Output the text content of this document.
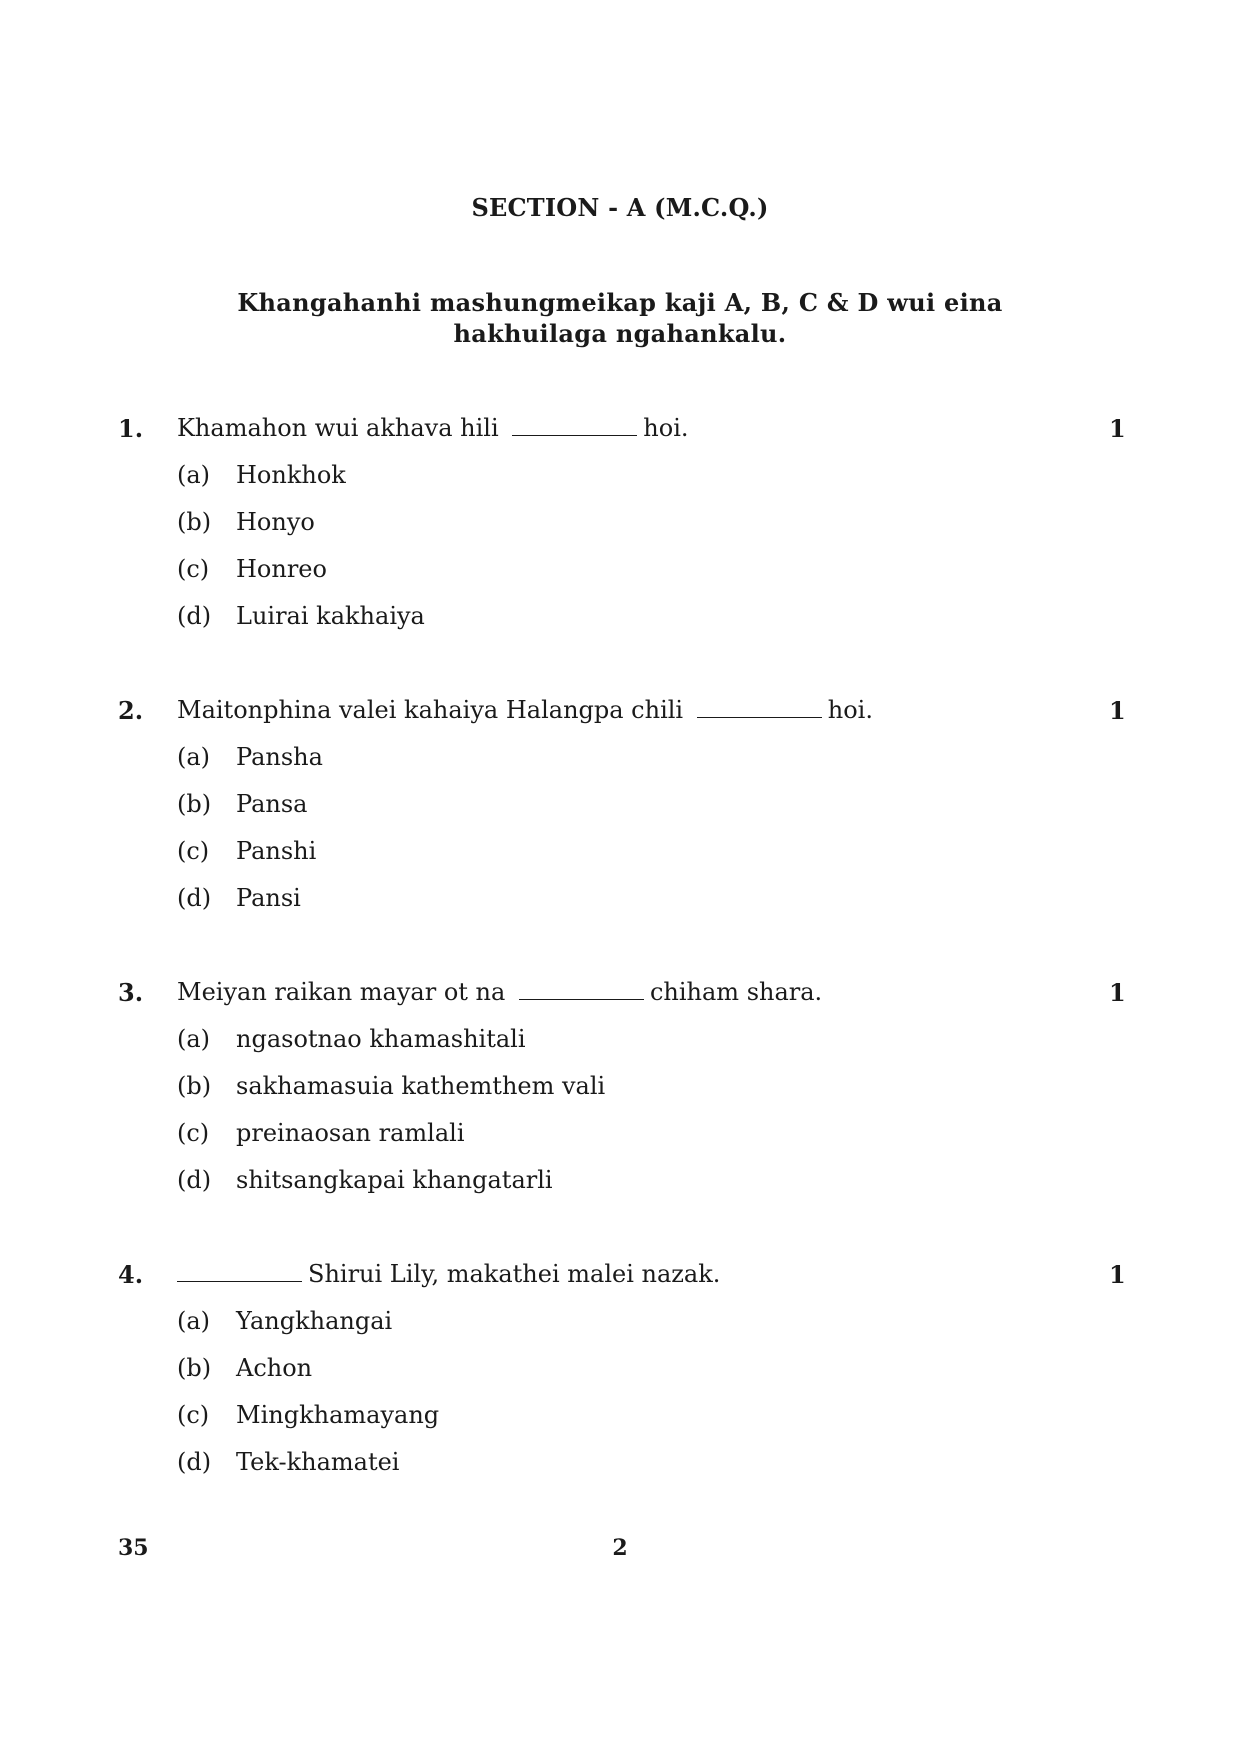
SECTION - A (M.C.Q.)
Khangahanhi mashungmeikap kaji A, B, C & D wui eina
hakhuilaga ngahankalu.
1. Khamahon wui akhava hili	hoi.	1
(a) Honkhok
(b) Honyo
(c) Honreo
(d) Luirai kakhaiya
2. Maitonphina valei kahaiya Halangpa chili	hoi.	1
(a) Pansha
(b) Pansa
(c) Panshi
(d) Pansi
3. Meiyan raikan mayar ot na	chiham shara.	1
(a) ngasotnao khamashitali
(b) sakhamasuia kathemthem vali
(c) preinaosan ramlali
(d) shitsangkapai khangatarli
4.	Shirui Lily, makathei malei nazak.	1
(a) Yangkhangai
(b) Achon
(c) Mingkhamayang
(d) Tek-khamatei
35	2
